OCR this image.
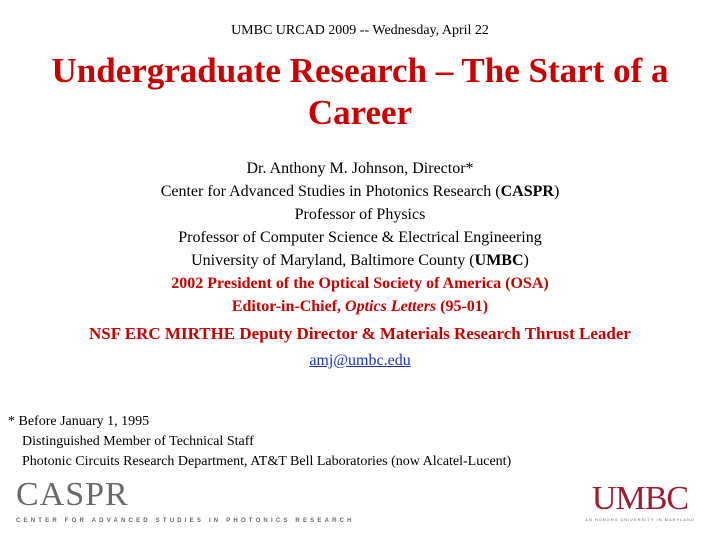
UMBC URCAD 2009 -- Wednesday, April 22
Undergraduate Research – The Start of a Career
Dr. Anthony M. Johnson, Director*
Center for Advanced Studies in Photonics Research (CASPR)
Professor of Physics
Professor of Computer Science & Electrical Engineering
University of Maryland, Baltimore County (UMBC)
2002 President of the Optical Society of America (OSA)
Editor-in-Chief, Optics Letters (95-01)
NSF ERC MIRTHE Deputy Director & Materials Research Thrust Leader
amj@umbc.edu
* Before January 1, 1995
Distinguished Member of Technical Staff
Photonic Circuits Research Department, AT&T Bell Laboratories (now Alcatel-Lucent)
CASPR
CENTER FOR ADVANCED STUDIES IN PHOTONICS RESEARCH
UMBC
AN HONORS UNIVERSITY IN MARYLAND
